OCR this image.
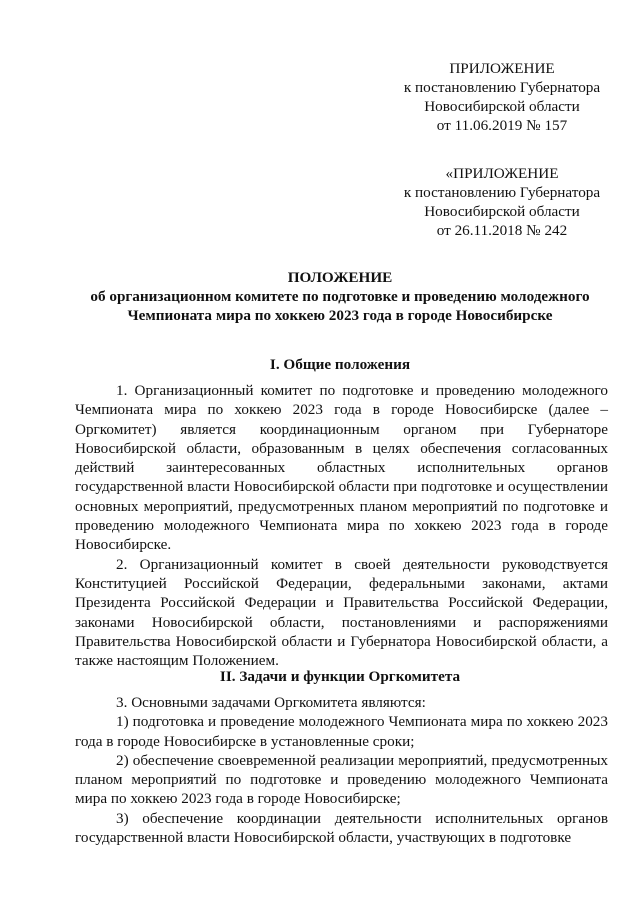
ПРИЛОЖЕНИЕ
к постановлению Губернатора
Новосибирской области
от 11.06.2019 № 157
«ПРИЛОЖЕНИЕ
к постановлению Губернатора
Новосибирской области
от 26.11.2018 № 242
ПОЛОЖЕНИЕ
об организационном комитете по подготовке и проведению молодежного
Чемпионата мира по хоккею 2023 года в городе Новосибирске
I. Общие положения

1. Организационный комитет по подготовке и проведению молодежного Чемпионата мира по хоккею 2023 года в городе Новосибирске (далее – Оргкомитет) является координационным органом при Губернаторе Новосибирской области, образованным в целях обеспечения согласованных действий заинтересованных областных исполнительных органов государственной власти Новосибирской области при подготовке и осуществлении основных мероприятий, предусмотренных планом мероприятий по подготовке и проведению молодежного Чемпионата мира по хоккею 2023 года в городе Новосибирске.

2. Организационный комитет в своей деятельности руководствуется Конституцией Российской Федерации, федеральными законами, актами Президента Российской Федерации и Правительства Российской Федерации, законами Новосибирской области, постановлениями и распоряжениями Правительства Новосибирской области и Губернатора Новосибирской области, а также настоящим Положением.

II. Задачи и функции Оргкомитета

3. Основными задачами Оргкомитета являются:

1) подготовка и проведение молодежного Чемпионата мира по хоккею 2023 года в городе Новосибирске в установленные сроки;

2) обеспечение своевременной реализации мероприятий, предусмотренных планом мероприятий по подготовке и проведению молодежного Чемпионата мира по хоккею 2023 года в городе Новосибирске;

3) обеспечение координации деятельности исполнительных органов государственной власти Новосибирской области, участвующих в подготовке
